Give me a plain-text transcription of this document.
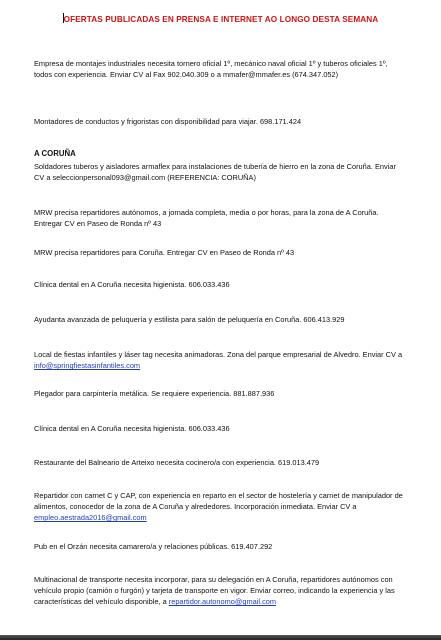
OFERTAS PUBLICADAS EN PRENSA E INTERNET AO LONGO DESTA SEMANA
Empresa de montajes industriales necesita tornero oficial 1º, mecánico naval oficial 1º y tuberos oficiales 1º, todos con experiencia. Enviar CV al Fax 902.040.309 o a mmafer@mmafer.es (674.347.052)
Montadores de conductos y frigoristas con disponibilidad para viajar. 698.171.424
A CORUÑA
Soldadores tuberos y aisladores armaflex para instalaciones de tubería de hierro en la zona de Coruña. Enviar CV a seleccionpersonal093@gmail.com (REFERENCIA: CORUÑA)
MRW precisa repartidores autónomos, a jornada completa, media o por horas, para la zona de A Coruña. Entregar CV en Paseo de Ronda nº 43
MRW precisa repartidores para Coruña. Entregar CV en Paseo de Ronda nº 43
Clínica dental en A Coruña necesita higienista. 606.033.436
Ayudanta avanzada de peluquería y estilista para salón de peluquería en Coruña. 606.413.929
Local de fiestas infantiles y láser tag necesita animadoras. Zona del parque empresarial de Alvedro. Enviar CV a info@springfiestasinfantiles.com
Plegador para carpintería metálica. Se requiere experiencia. 881.887.936
Clínica dental en A Coruña necesita higienista. 606.033.436
Restaurante del Balneario de Arteixo necesita cocinero/a con experiencia. 619.013.479
Repartidor con carnet C y CAP, con experiencia en reparto en el sector de hostelería y carnet de manipulador de alimentos, conocedor de la zona de A Coruña y alrededores. Incorporación inmediata. Enviar CV a empleo.aestrada2016@gmail.com
Pub en el Orzán necesita camarero/a y relaciones públicas. 619.407.292
Multinacional de transporte necesita incorporar, para su delegación en A Coruña, repartidores autónomos con vehículo propio (camión o furgón) y tarjeta de transporte en vigor. Enviar correo, indicando la experiencia y las características del vehículo disponible, a repartidor.autonomo@gmail.com
